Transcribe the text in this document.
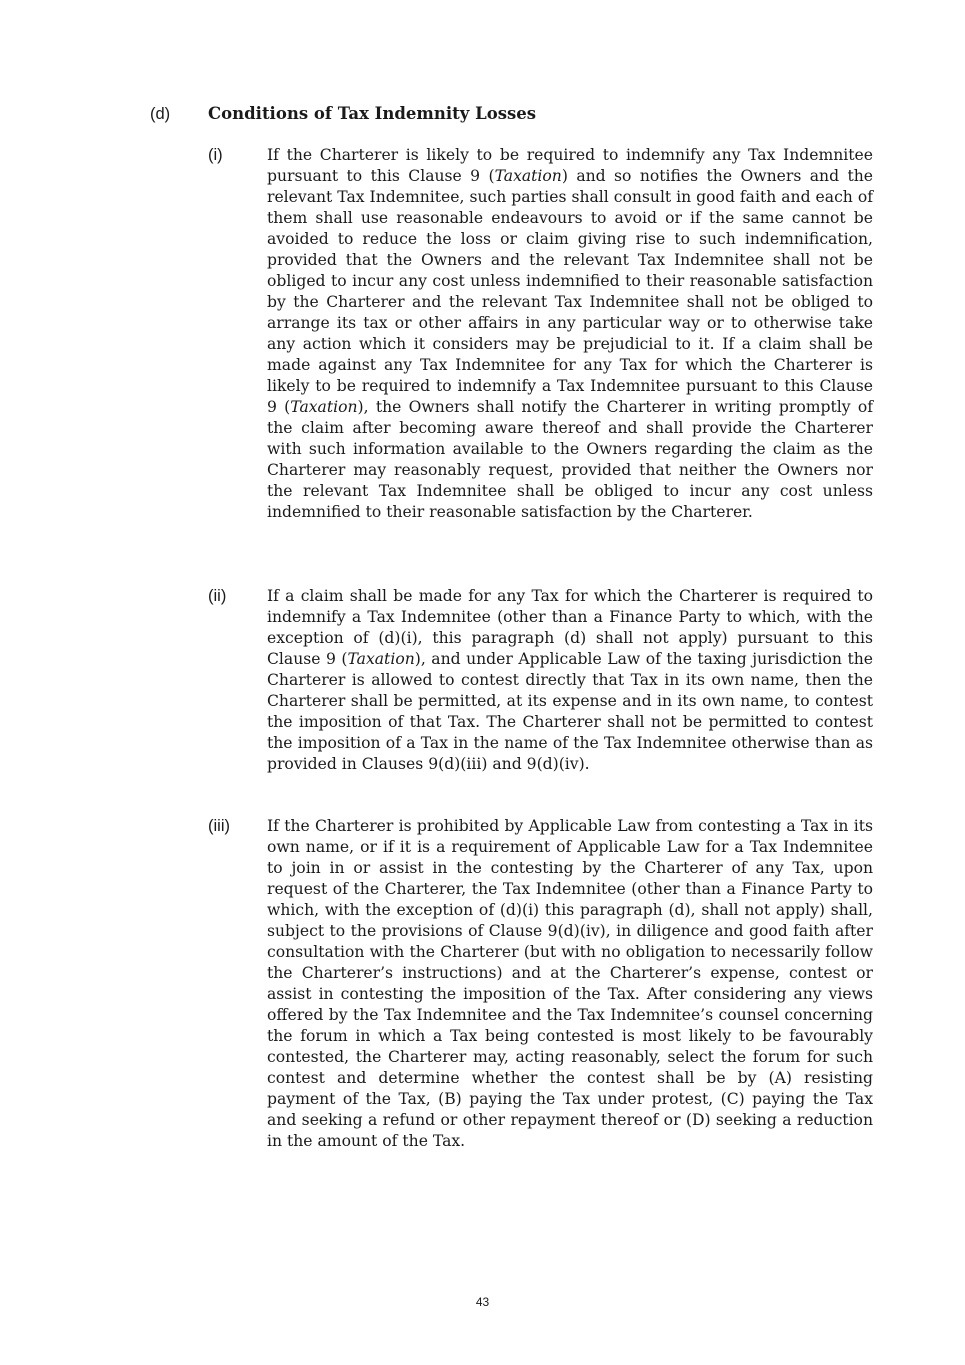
(d) Conditions of Tax Indemnity Losses
(i)	If the Charterer is likely to be required to indemnify any Tax Indemnitee pursuant to this Clause 9 (Taxation) and so notifies the Owners and the relevant Tax Indemnitee, such parties shall consult in good faith and each of them shall use reasonable endeavours to avoid or if the same cannot be avoided to reduce the loss or claim giving rise to such indemnification, provided that the Owners and the relevant Tax Indemnitee shall not be obliged to incur any cost unless indemnified to their reasonable satisfaction by the Charterer and the relevant Tax Indemnitee shall not be obliged to arrange its tax or other affairs in any particular way or to otherwise take any action which it considers may be prejudicial to it. If a claim shall be made against any Tax Indemnitee for any Tax for which the Charterer is likely to be required to indemnify a Tax Indemnitee pursuant to this Clause 9 (Taxation), the Owners shall notify the Charterer in writing promptly of the claim after becoming aware thereof and shall provide the Charterer with such information available to the Owners regarding the claim as the Charterer may reasonably request, provided that neither the Owners nor the relevant Tax Indemnitee shall be obliged to incur any cost unless indemnified to their reasonable satisfaction by the Charterer.

(ii)	If a claim shall be made for any Tax for which the Charterer is required to indemnify a Tax Indemnitee (other than a Finance Party to which, with the exception of (d)(i), this paragraph (d) shall not apply) pursuant to this Clause 9 (Taxation), and under Applicable Law of the taxing jurisdiction the Charterer is allowed to contest directly that Tax in its own name, then the Charterer shall be permitted, at its expense and in its own name, to contest the imposition of that Tax. The Charterer shall not be permitted to contest the imposition of a Tax in the name of the Tax Indemnitee otherwise than as provided in Clauses 9(d)(iii) and 9(d)(iv).

(iii) If the Charterer is prohibited by Applicable Law from contesting a Tax in its own name, or if it is a requirement of Applicable Law for a Tax Indemnitee to join in or assist in the contesting by the Charterer of any Tax, upon request of the Charterer, the Tax Indemnitee (other than a Finance Party to which, with the exception of (d)(i) this paragraph (d), shall not apply) shall, subject to the provisions of Clause 9(d)(iv), in diligence and good faith after consultation with the Charterer (but with no obligation to necessarily follow the Charterer’s instructions) and at the Charterer’s expense, contest or assist in contesting the imposition of the Tax. After considering any views offered by the Tax Indemnitee and the Tax Indemnitee’s counsel concerning the forum in which a Tax being contested is most likely to be favourably contested, the Charterer may, acting reasonably, select the forum for such contest and determine whether the contest shall be by (A) resisting payment of the Tax, (B) paying the Tax under protest, (C) paying the Tax and seeking a refund or other repayment thereof or (D) seeking a reduction in the amount of the Tax.

43
